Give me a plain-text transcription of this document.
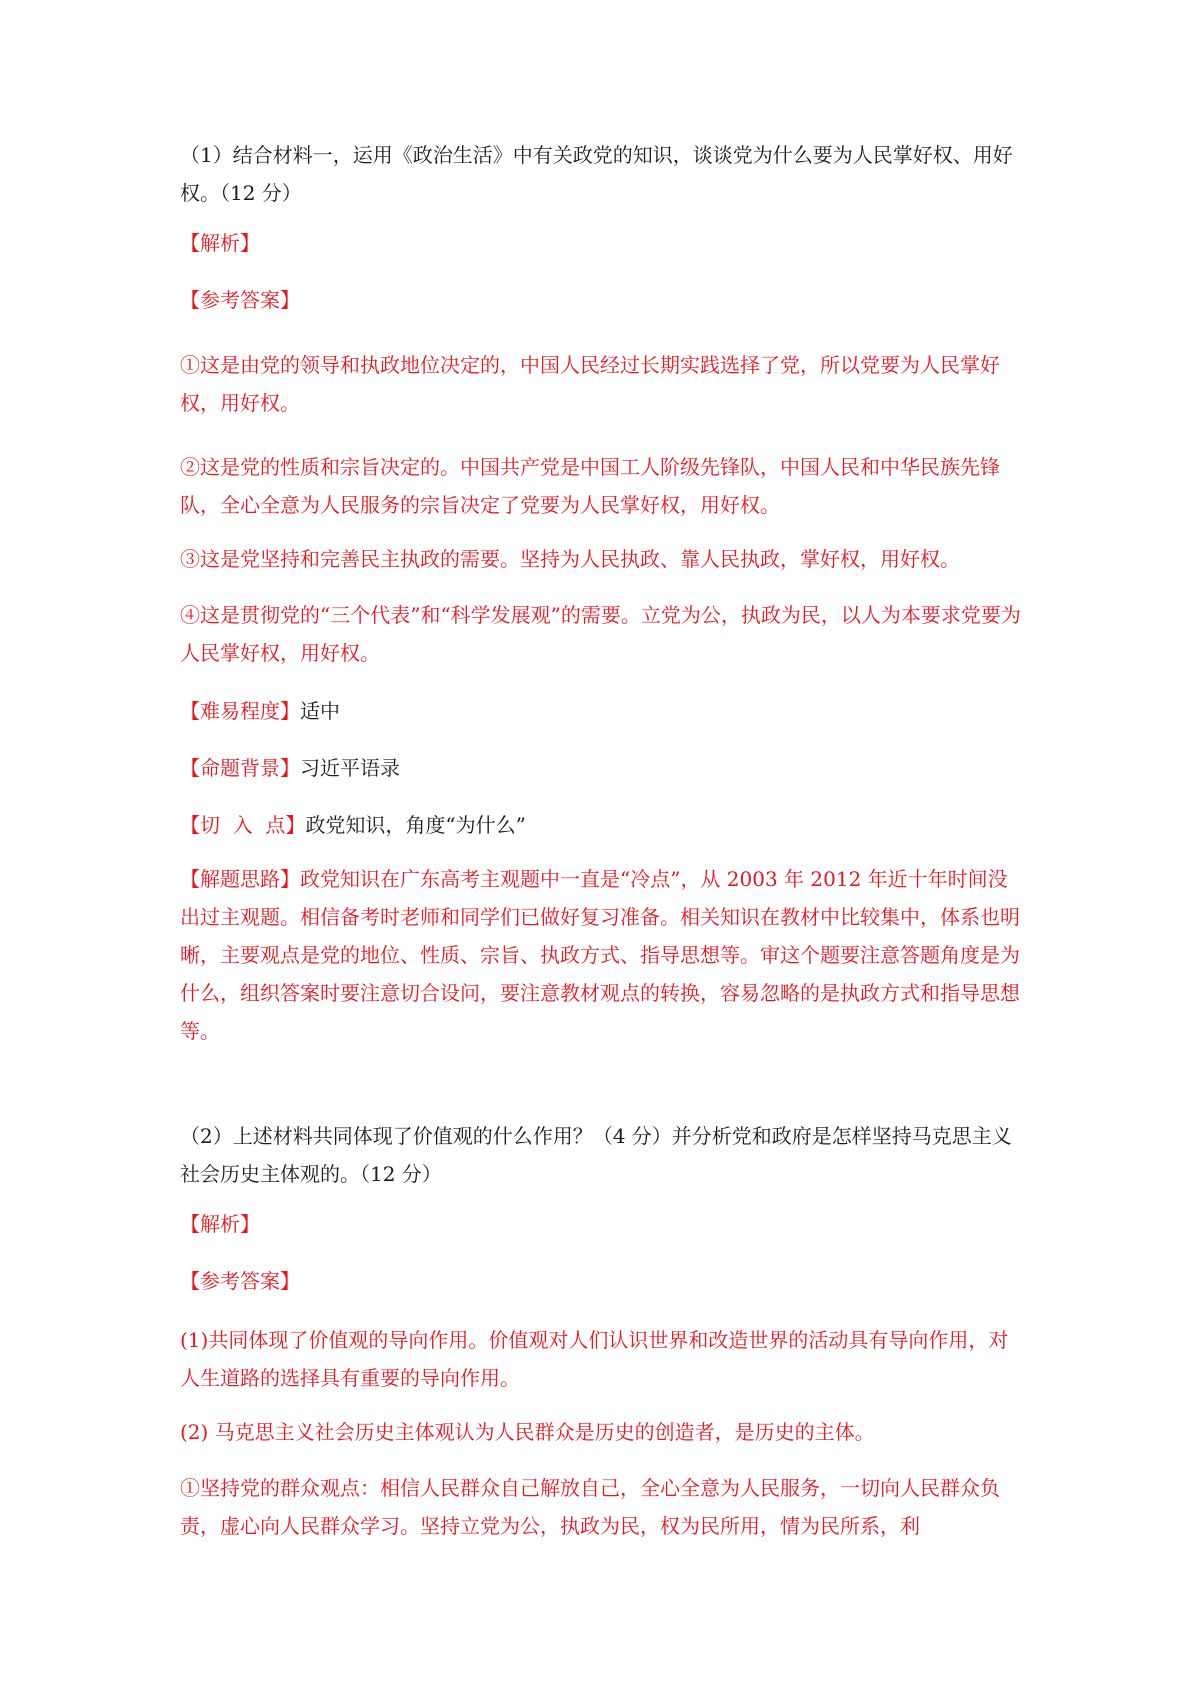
（1）结合材料一，运用《政治生活》中有关政党的知识，谈谈党为什么要为人民掌好权、用好权。（12 分）

【解析】

【参考答案】

①这是由党的领导和执政地位决定的，中国人民经过长期实践选择了党，所以党要为人民掌好权，用好权。

②这是党的性质和宗旨决定的。中国共产党是中国工人阶级先锋队，中国人民和中华民族先锋队，全心全意为人民服务的宗旨决定了党要为人民掌好权，用好权。

③这是党坚持和完善民主执政的需要。坚持为人民执政、靠人民执政，掌好权，用好权。

④这是贯彻党的“三个代表”和“科学发展观”的需要。立党为公，执政为民，以人为本要求党要为人民掌好权，用好权。

【难易程度】适中

【命题背景】习近平语录

【切  入  点】政党知识，角度“为什么”

【解题思路】政党知识在广东高考主观题中一直是“冷点”，从 2003 年 2012 年近十年时间没出过主观题。相信备考时老师和同学们已做好复习准备。相关知识在教材中比较集中，体系也明晰，主要观点是党的地位、性质、宗旨、执政方式、指导思想等。审这个题要注意答题角度是为什么，组织答案时要注意切合设问，要注意教材观点的转换，容易忽略的是执政方式和指导思想等。

（2）上述材料共同体现了价值观的什么作用？（4 分）并分析党和政府是怎样坚持马克思主义社会历史主体观的。（12 分）

【解析】

【参考答案】

(1)共同体现了价值观的导向作用。价值观对人们认识世界和改造世界的活动具有导向作用，对人生道路的选择具有重要的导向作用。

(2) 马克思主义社会历史主体观认为人民群众是历史的创造者，是历史的主体。

①坚持党的群众观点：相信人民群众自己解放自己，全心全意为人民服务，一切向人民群众负责，虚心向人民群众学习。坚持立党为公，执政为民，权为民所用，情为民所系，利
